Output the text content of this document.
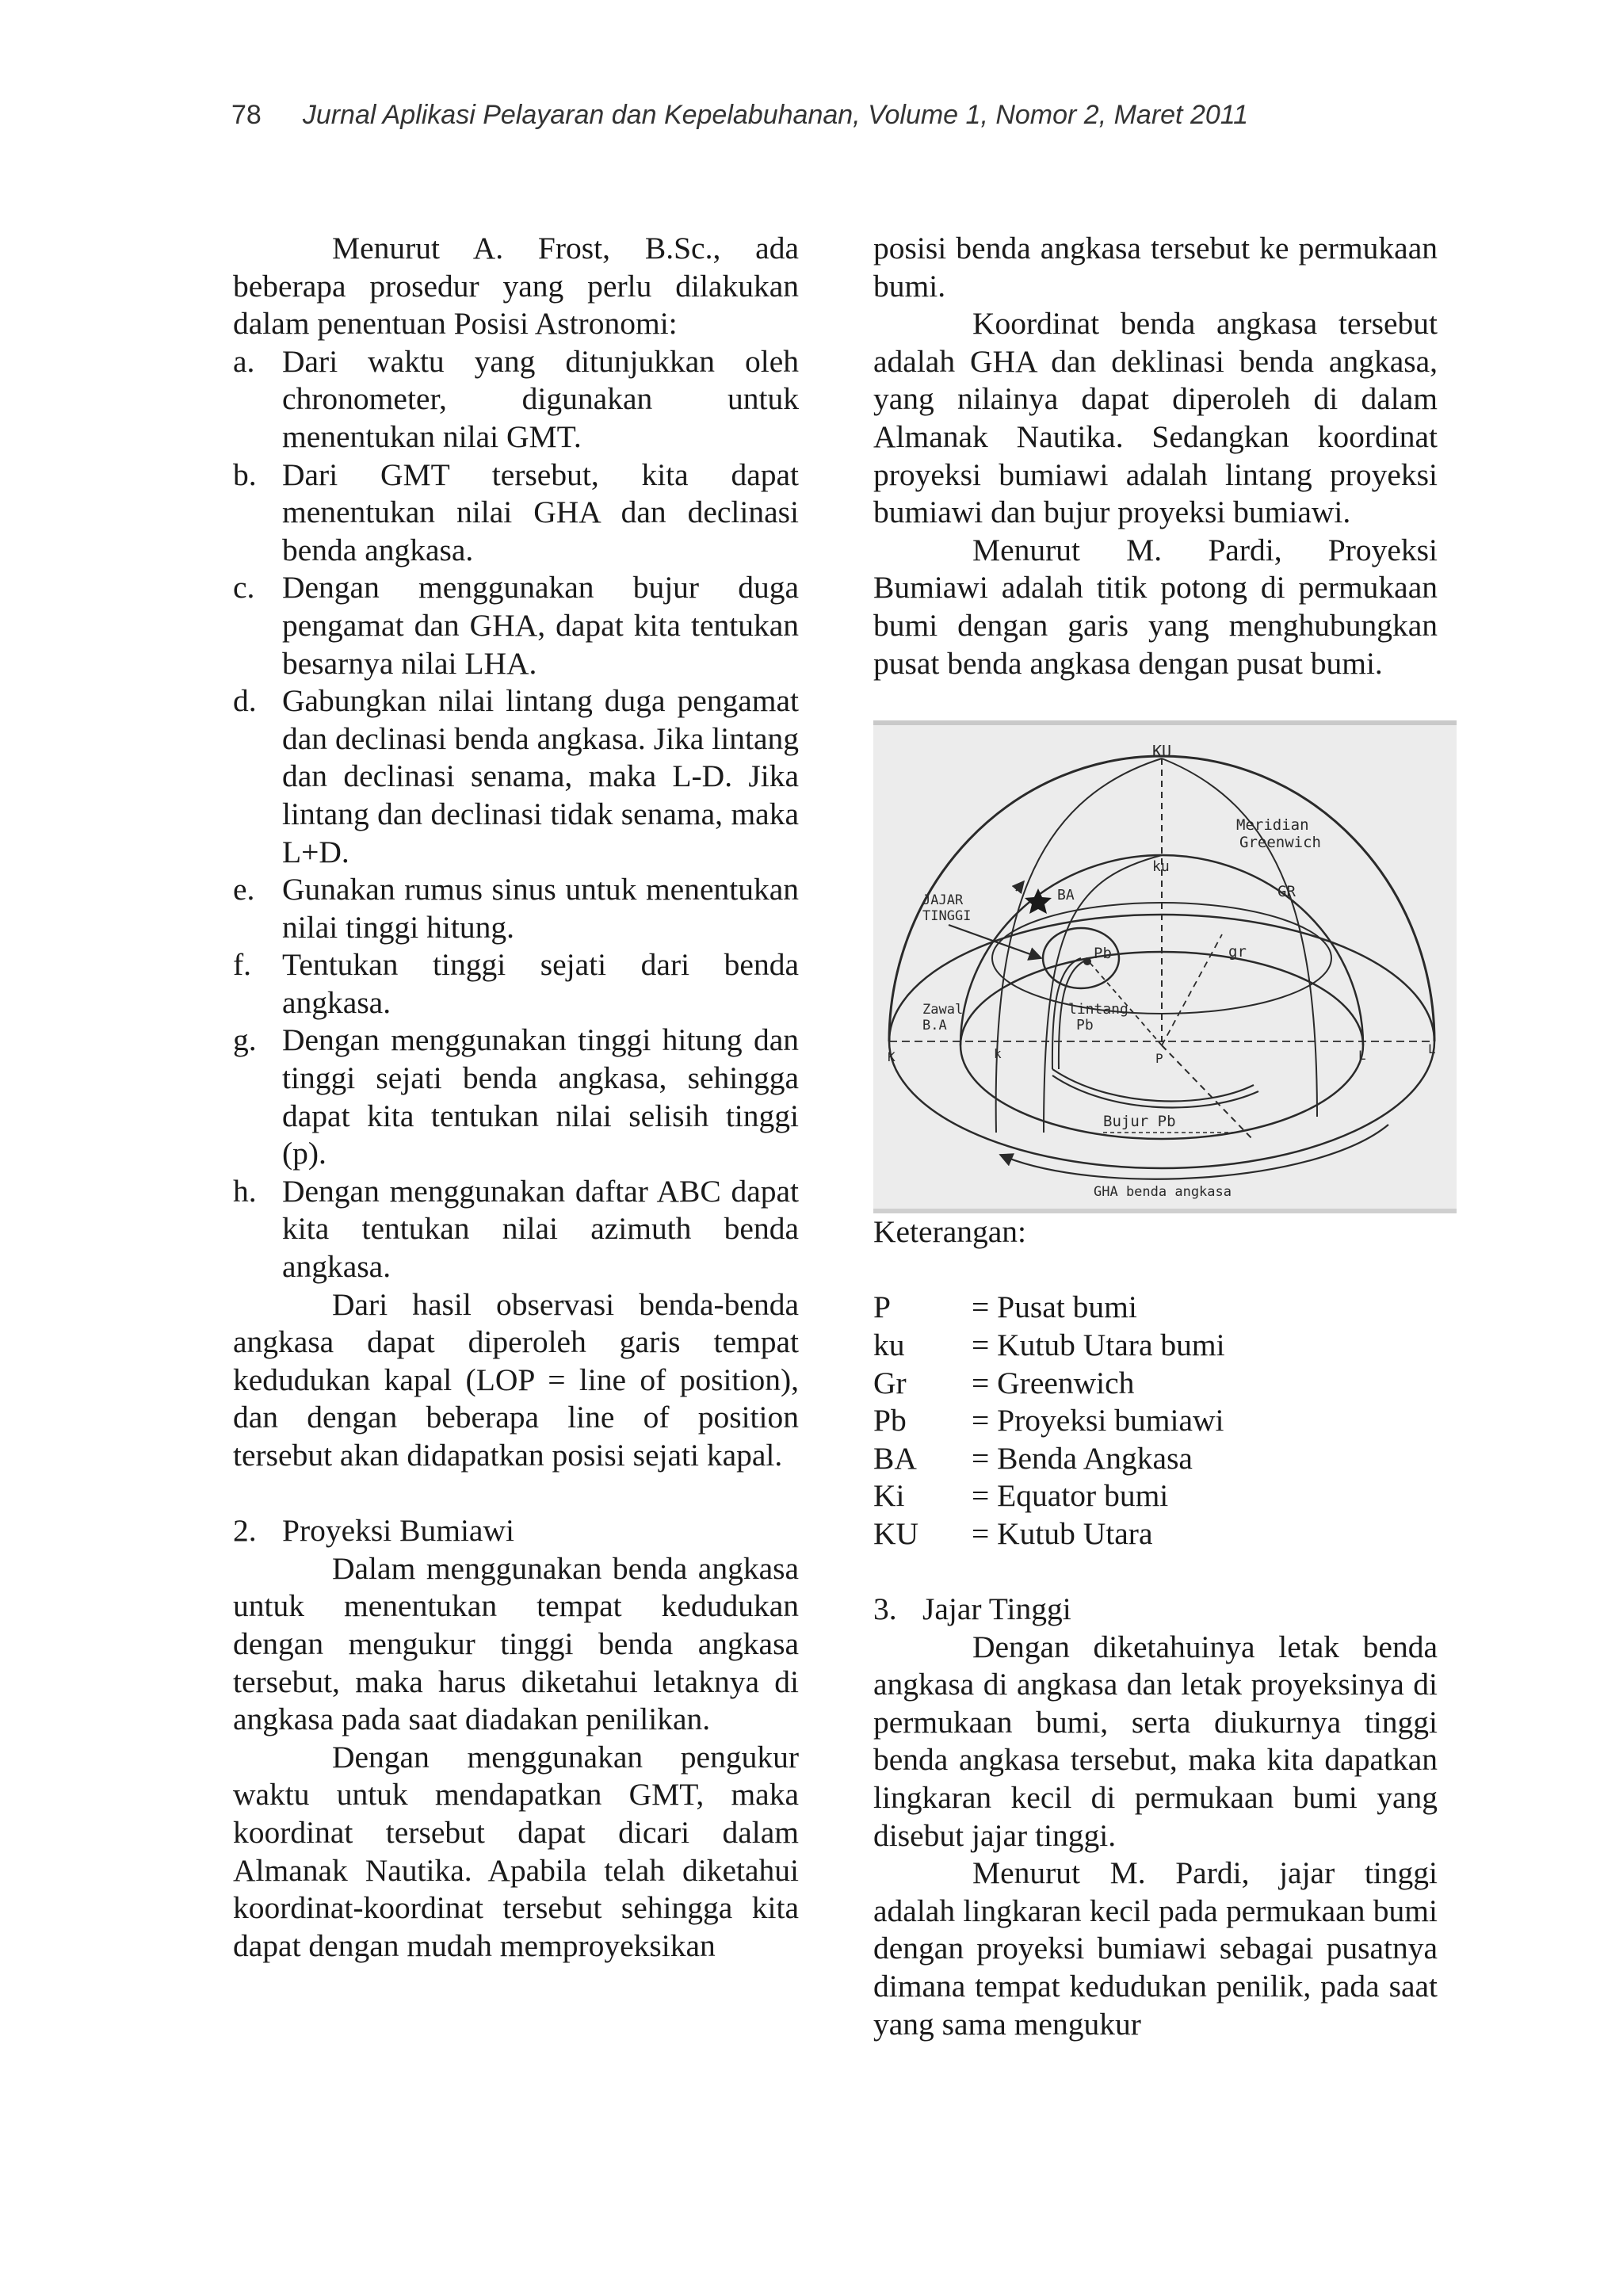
78 Jurnal Aplikasi Pelayaran dan Kepelabuhanan, Volume 1, Nomor 2, Maret 2011

Menurut A. Frost, B.Sc., ada beberapa prosedur yang perlu dilakukan dalam penentuan Posisi Astronomi:

a. Dari waktu yang ditunjukkan oleh chronometer, digunakan untuk menentukan nilai GMT.
b. Dari GMT tersebut, kita dapat menentukan nilai GHA dan declinasi benda angkasa.
c. Dengan menggunakan bujur duga pengamat dan GHA, dapat kita tentukan besarnya nilai LHA.
d. Gabungkan nilai lintang duga pengamat dan declinasi benda angkasa. Jika lintang dan declinasi senama, maka L-D. Jika lintang dan declinasi tidak senama, maka L+D.
e. Gunakan rumus sinus untuk menentukan nilai tinggi hitung.
f. Tentukan tinggi sejati dari benda angkasa.
g. Dengan menggunakan tinggi hitung dan tinggi sejati benda angkasa, sehingga dapat kita tentukan nilai selisih tinggi (p).
h. Dengan menggunakan daftar ABC dapat kita tentukan nilai azimuth benda angkasa.

Dari hasil observasi benda-benda angkasa dapat diperoleh garis tempat kedudukan kapal (LOP = line of position), dan dengan beberapa line of position tersebut akan didapatkan posisi sejati kapal.

2. Proyeksi Bumiawi

Dalam menggunakan benda angkasa untuk menentukan tempat kedudukan dengan mengukur tinggi benda angkasa tersebut, maka harus diketahui letaknya di angkasa pada saat diadakan penilikan.

Dengan menggunakan pengukur waktu untuk mendapatkan GMT, maka koordinat tersebut dapat dicari dalam Almanak Nautika. Apabila telah diketahui koordinat-koordinat tersebut sehingga kita dapat dengan mudah memproyeksikan

posisi benda angkasa tersebut ke permukaan bumi.

Koordinat benda angkasa tersebut adalah GHA dan deklinasi benda angkasa, yang nilainya dapat diperoleh di dalam Almanak Nautika. Sedangkan koordinat proyeksi bumiawi adalah lintang proyeksi bumiawi dan bujur proyeksi bumiawi.

Menurut M. Pardi, Proyeksi Bumiawi adalah titik potong di permukaan bumi dengan garis yang menghubungkan pusat benda angkasa dengan pusat bumi.

KU
Meridian
Greenwich
ku
GR
BA
JAJAR
TINGGI
Pb	gr
Zawal
B.A
lintang
Pb
K	k	P	L	L
Bujur Pb
GHA benda angkasa

Keterangan:

P	= Pusat bumi
ku = Kutub Utara bumi
Gr = Greenwich
Pb = Proyeksi bumiawi
BA = Benda Angkasa
Ki = Equator bumi
KU = Kutub Utara

3. Jajar Tinggi

Dengan diketahuinya letak benda angkasa di angkasa dan letak proyeksinya di permukaan bumi, serta diukurnya tinggi benda angkasa tersebut, maka kita dapatkan lingkaran kecil di permukaan bumi yang disebut jajar tinggi.

Menurut M. Pardi, jajar tinggi adalah lingkaran kecil pada permukaan bumi dengan proyeksi bumiawi sebagai pusatnya dimana tempat kedudukan penilik, pada saat yang sama mengukur
